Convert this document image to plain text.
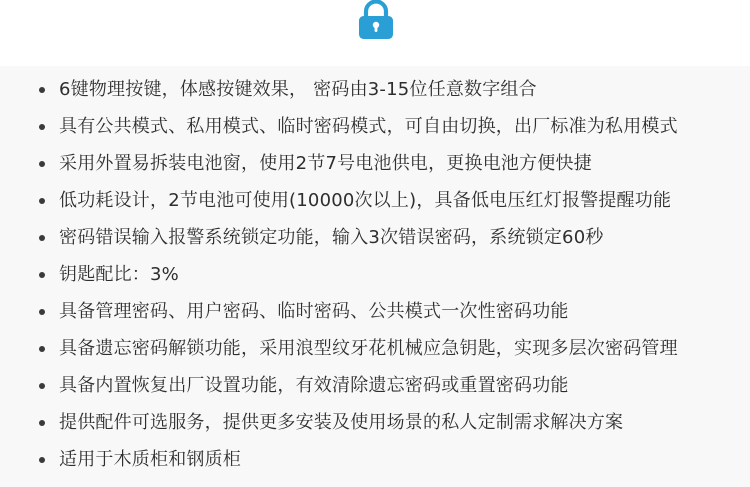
6键物理按键，体感按键效果， 密码由3-15位任意数字组合
具有公共模式、私用模式、临时密码模式，可自由切换，出厂标准为私用模式
采用外置易拆装电池窗，使用2节7号电池供电，更换电池方便快捷
低功耗设计，2节电池可使用(10000次以上)，具备低电压红灯报警提醒功能
密码错误输入报警系统锁定功能，输入3次错误密码，系统锁定60秒
钥匙配比：3%
具备管理密码、用户密码、临时密码、公共模式一次性密码功能
具备遗忘密码解锁功能，采用浪型纹牙花机械应急钥匙，实现多层次密码管理
具备内置恢复出厂设置功能，有效清除遗忘密码或重置密码功能
提供配件可选服务，提供更多安装及使用场景的私人定制需求解决方案
适用于木质柜和钢质柜
